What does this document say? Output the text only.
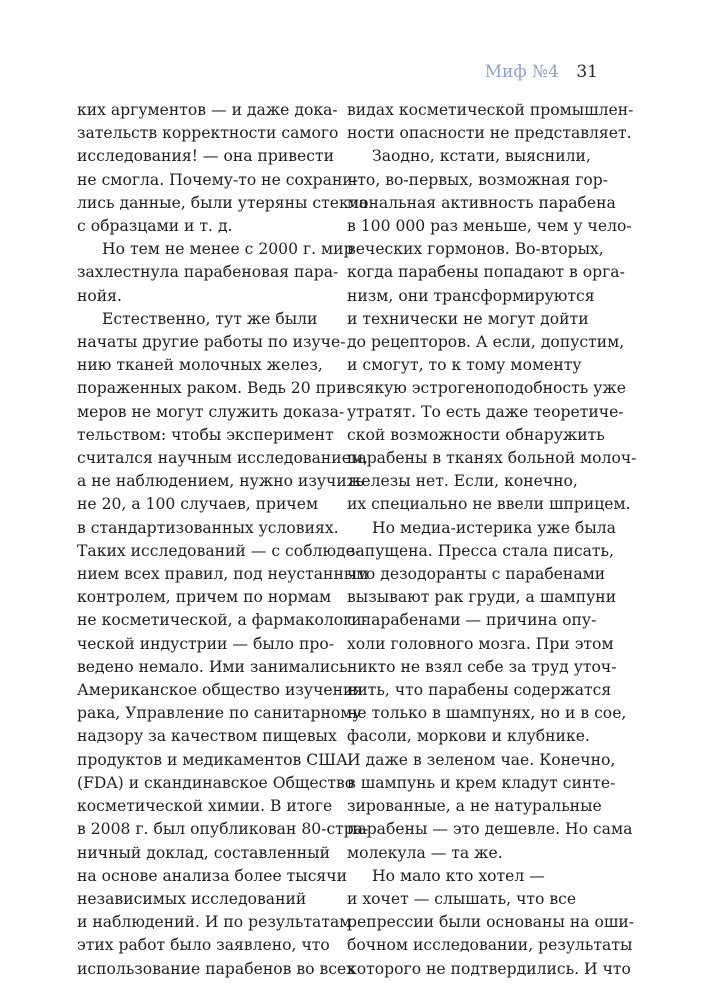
Миф №4 31
ких аргументов — и даже дока-
зательств корректности самого
исследования! — она привести
не смогла. Почему-то не сохрани-
лись данные, были утеряны стекла
с образцами и т. д.
Но тем не менее с 2000 г. мир
захлестнула парабеновая пара-
нойя.
Естественно, тут же были
начаты другие работы по изуче-
нию тканей молочных желез,
пораженных раком. Ведь 20 при-
меров не могут служить доказа-
тельством: чтобы эксперимент
считался научным исследованием,
а не наблюдением, нужно изучить
не 20, а 100 случаев, причем
в стандартизованных условиях.
Таких исследований — с соблюде-
нием всех правил, под неустанным
контролем, причем по нормам
не косметической, а фармакологи-
ческой индустрии — было про-
ведено немало. Ими занимались
Американское общество изучения
рака, Управление по санитарному
надзору за качеством пищевых
продуктов и медикаментов США
(FDA) и скандинавское Общество
косметической химии. В итоге
в 2008 г. был опубликован 80-стра-
ничный доклад, составленный
на основе анализа более тысячи
независимых исследований
и наблюдений. И по результатам
этих работ было заявлено, что
использование парабенов во всех
видах косметической промышлен-
ности опасности не представляет.
Заодно, кстати, выяснили,
что, во-первых, возможная гор-
мональная активность парабена
в 100 000 раз меньше, чем у чело-
веческих гормонов. Во-вторых,
когда парабены попадают в орга-
низм, они трансформируются
и технически не могут дойти
до рецепторов. А если, допустим,
и смогут, то к тому моменту
всякую эстрогеноподобность уже
утратят. То есть даже теоретиче-
ской возможности обнаружить
парабены в тканях больной молоч-
железы нет. Если, конечно,
их специально не ввели шприцем.
Но медиа-истерика уже была
запущена. Пресса стала писать,
что дезодоранты с парабенами
вызывают рак груди, а шампуни
с парабенами — причина опу-
холи головного мозга. При этом
никто не взял себе за труд уточ-
нить, что парабены содержатся
не только в шампунях, но и в сое,
фасоли, моркови и клубнике.
И даже в зеленом чае. Конечно,
в шампунь и крем кладут синте-
зированные, а не натуральные
парабены — это дешевле. Но сама
молекула — та же.
Но мало кто хотел —
и хочет — слышать, что все
репрессии были основаны на оши-
бочном исследовании, результаты
которого не подтвердились. И что
